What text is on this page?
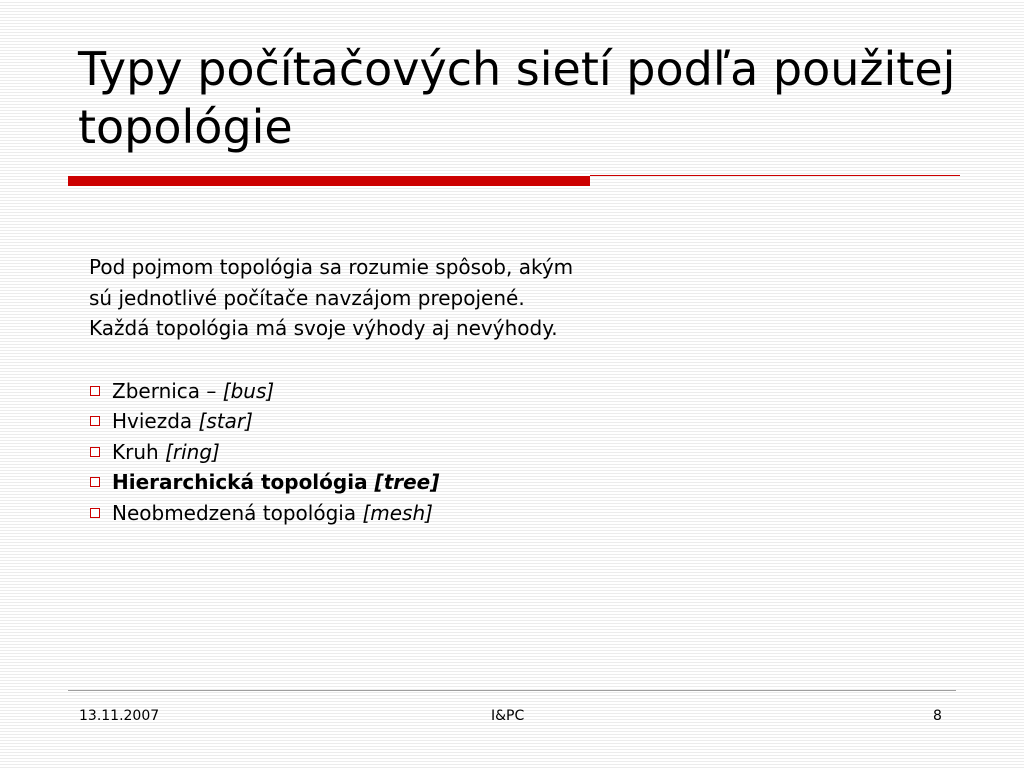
Typy počítačových sietí podľa použitej topológie

Pod pojmom topológia sa rozumie spôsob, akým sú jednotlivé počítače navzájom prepojené. Každá topológia má svoje výhody aj nevýhody.

Zbernica – [bus]
Hviezda
[star]
Kruh
[ring]
Hierarchická topológia
[tree]
Neobmedzená topológia
[mesh]
13.11.2007	I&PC	8
